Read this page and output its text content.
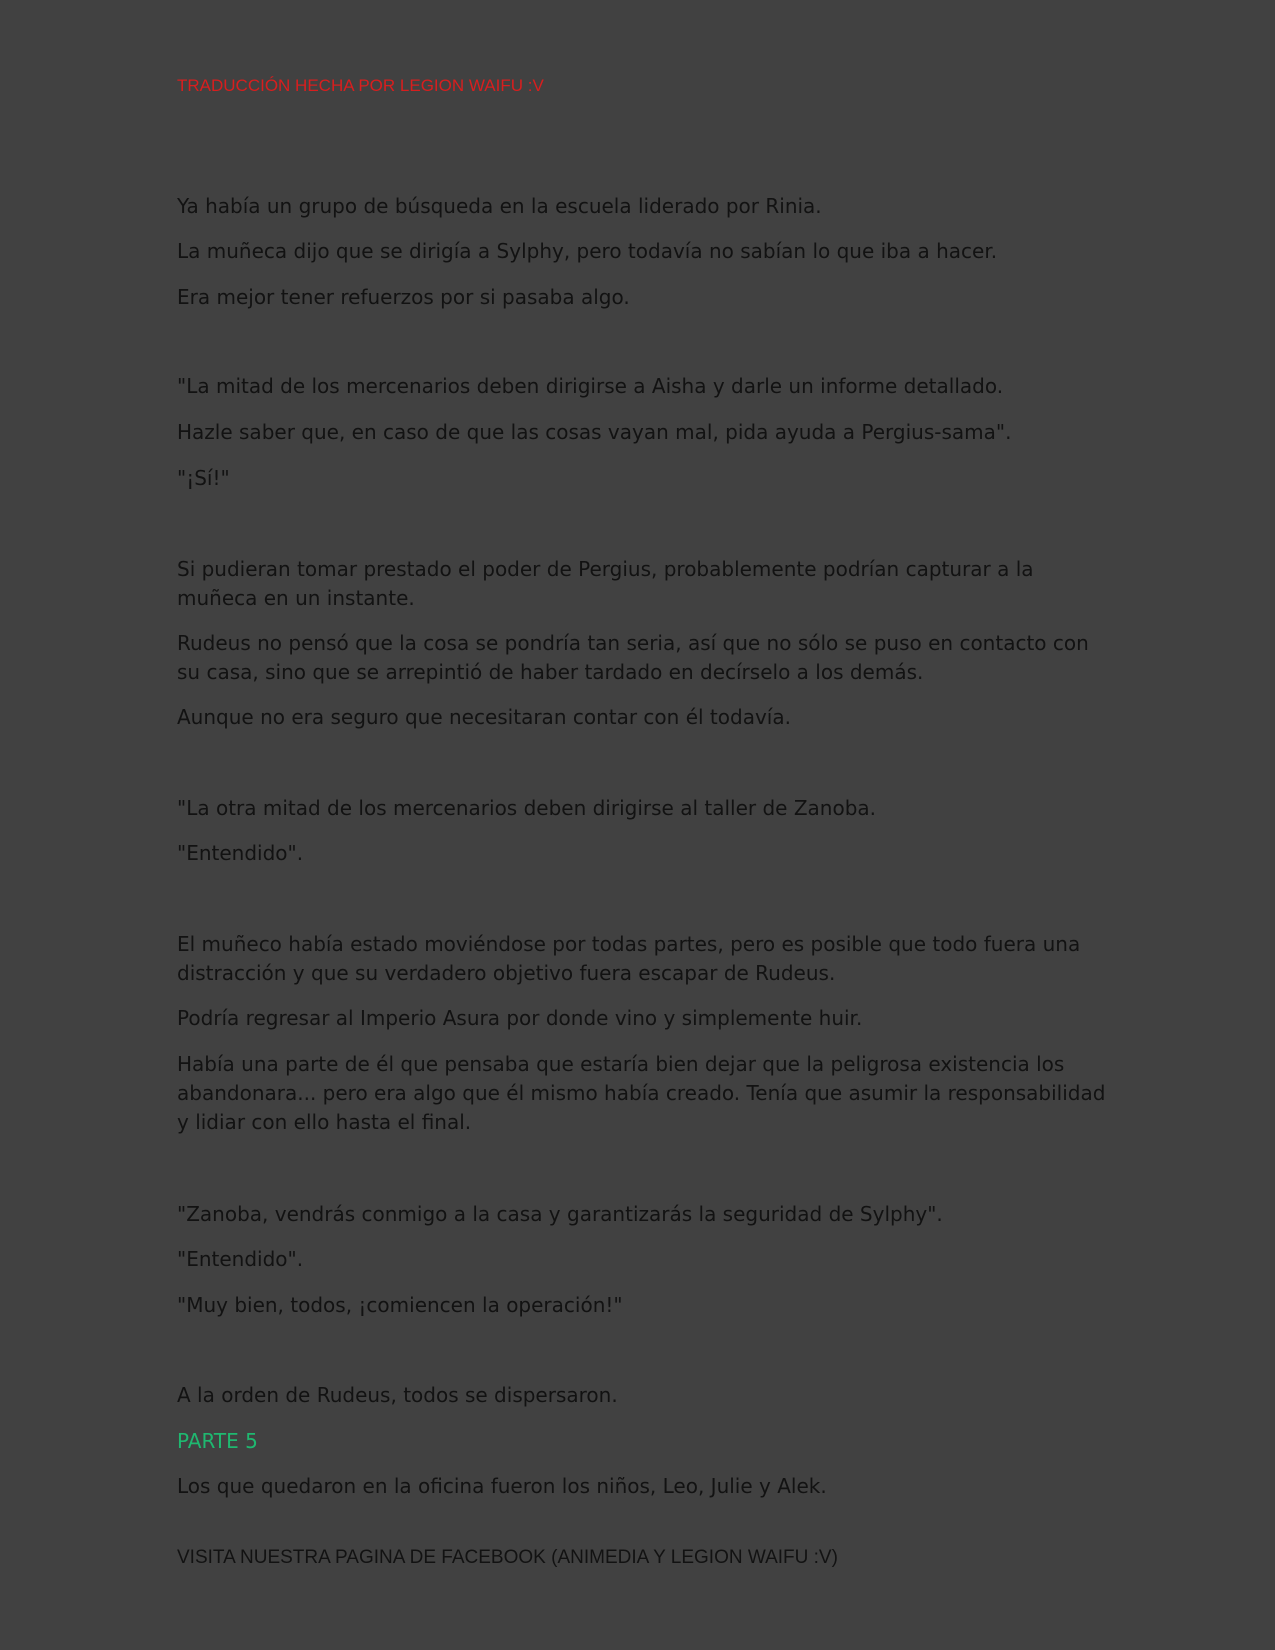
TRADUCCIÓN HECHA POR LEGION WAIFU :V

Ya había un grupo de búsqueda en la escuela liderado por Rinia.

La muñeca dijo que se dirigía a Sylphy, pero todavía no sabían lo que iba a hacer.

Era mejor tener refuerzos por si pasaba algo.

"La mitad de los mercenarios deben dirigirse a Aisha y darle un informe detallado.

Hazle saber que, en caso de que las cosas vayan mal, pida ayuda a Pergius-sama".

"¡Sí!"

Si pudieran tomar prestado el poder de Pergius, probablemente podrían capturar a la muñeca en un instante.

Rudeus no pensó que la cosa se pondría tan seria, así que no sólo se puso en contacto con su casa, sino que se arrepintió de haber tardado en decírselo a los demás.

Aunque no era seguro que necesitaran contar con él todavía.

"La otra mitad de los mercenarios deben dirigirse al taller de Zanoba.

"Entendido".

El muñeco había estado moviéndose por todas partes, pero es posible que todo fuera una distracción y que su verdadero objetivo fuera escapar de Rudeus.

Podría regresar al Imperio Asura por donde vino y simplemente huir.

Había una parte de él que pensaba que estaría bien dejar que la peligrosa existencia los abandonara... pero era algo que él mismo había creado. Tenía que asumir la responsabilidad y lidiar con ello hasta el final.

"Zanoba, vendrás conmigo a la casa y garantizarás la seguridad de Sylphy".

"Entendido".

"Muy bien, todos, ¡comiencen la operación!"

A la orden de Rudeus, todos se dispersaron.

PARTE 5

Los que quedaron en la oficina fueron los niños, Leo, Julie y Alek.

VISITA NUESTRA PAGINA DE FACEBOOK (ANIMEDIA Y LEGION WAIFU :V)
